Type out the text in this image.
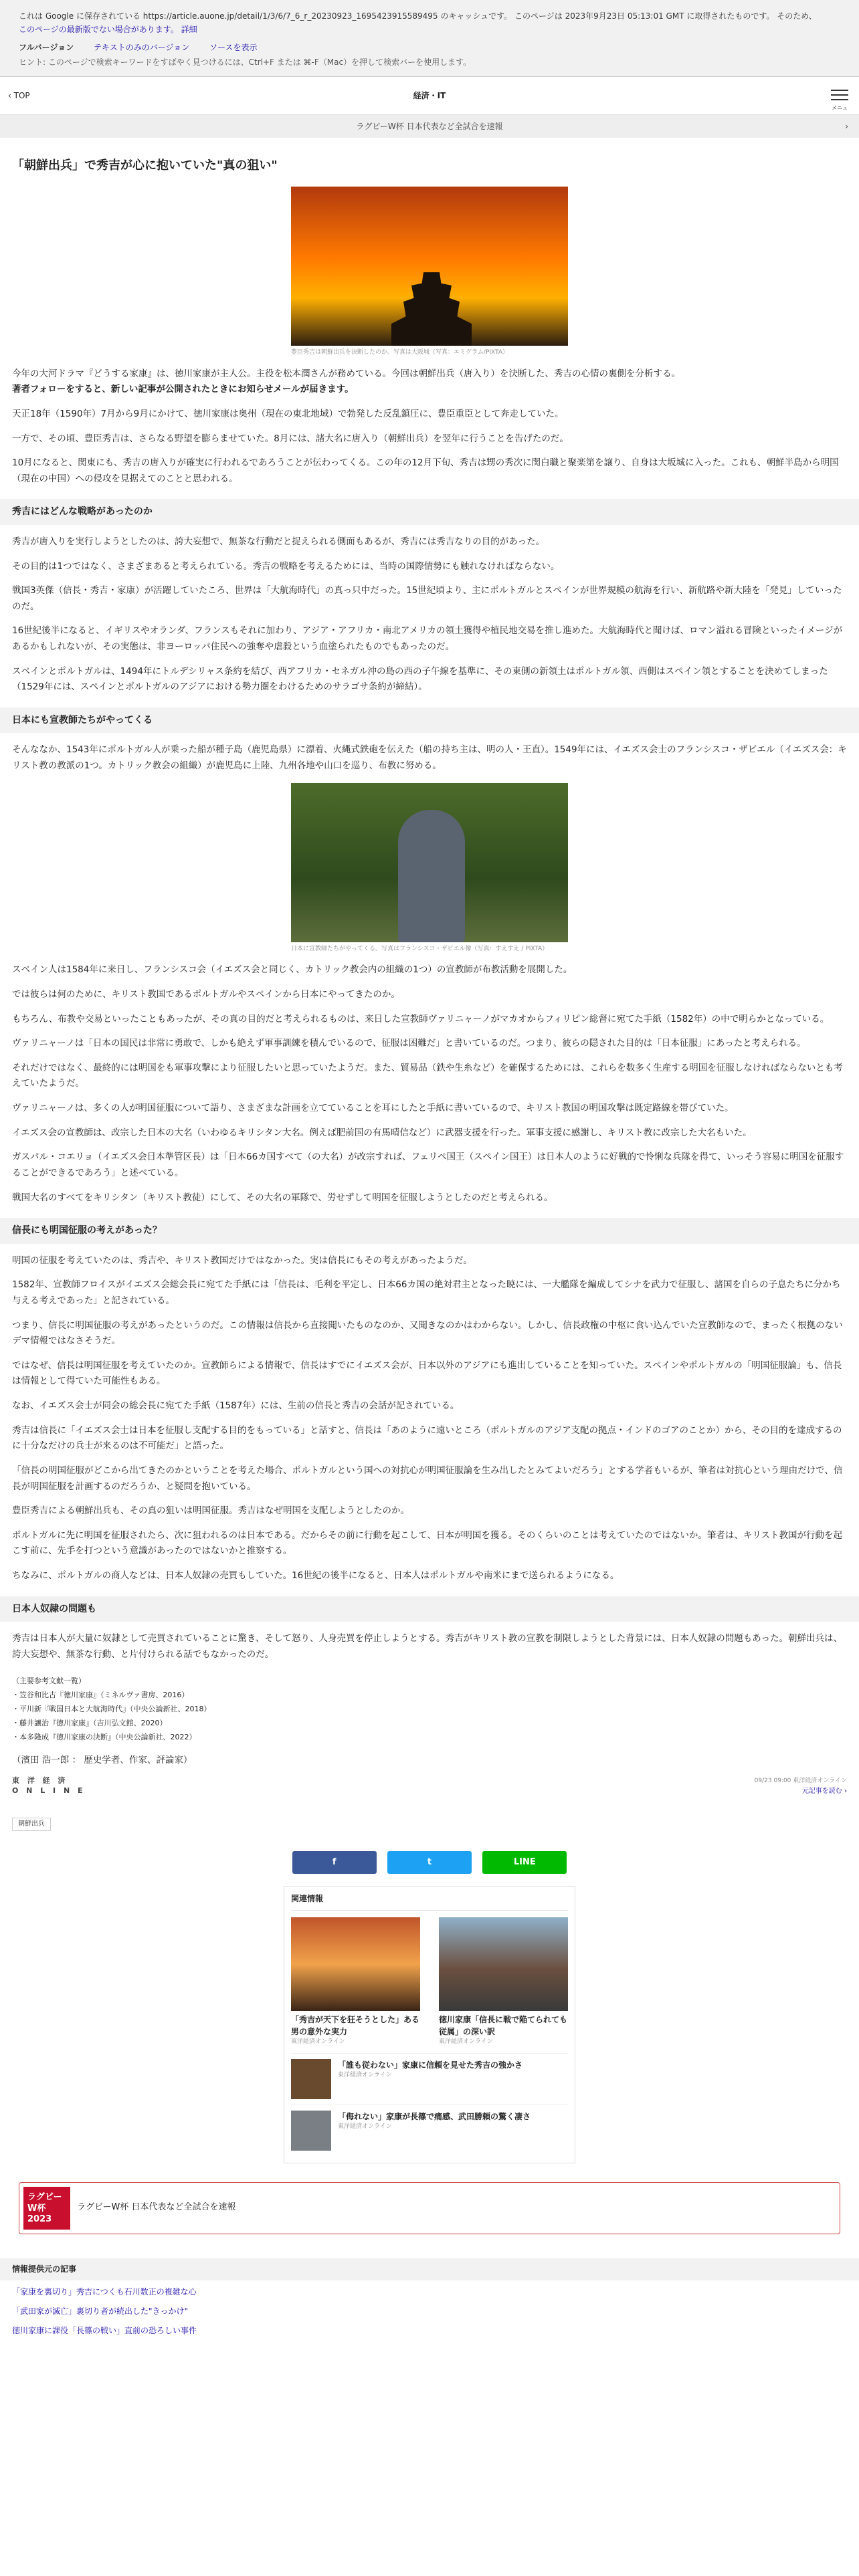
これは Google に保存されている https://article.auone.jp/detail/1/3/6/7_6_r_20230923_1695423915589495 のキャッシュです。 このページは 2023年9月23日 05:13:01 GMT に取得されたものです。 そのため、
このページの最新版でない場合があります。 詳細
フルバージョン テキストのみのバージョン ソースを表示
ヒント: このページで検索キーワードをすばやく見つけるには、Ctrl+F または ⌘-F（Mac）を押して検索バーを使用します。
‹ TOP	経済・IT
メニュ
ラグビーW杯 日本代表など全試合を速報	›
「朝鮮出兵」で秀吉が心に抱いていた"真の狙い"
豊臣秀吉は朝鮮出兵を決断したのか。写真は大阪城（写真：エミグラム/PIXTA）

今年の大河ドラマ『どうする家康』は、徳川家康が主人公。主役を松本潤さんが務めている。今回は朝鮮出兵（唐入り）を決断した、秀吉の心情の裏側を分析する。
著者フォローをすると、新しい記事が公開されたときにお知らせメールが届きます。

天正18年（1590年）7月から9月にかけて、徳川家康は奥州（現在の東北地域）で勃発した反乱鎮圧に、豊臣重臣として奔走していた。

一方で、その頃、豊臣秀吉は、さらなる野望を膨らませていた。8月には、諸大名に唐入り（朝鮮出兵）を翌年に行うことを告げたのだ。

10月になると、関東にも、秀吉の唐入りが確実に行われるであろうことが伝わってくる。この年の12月下旬、秀吉は甥の秀次に関白職と聚楽第を譲り、自身は大坂城に入った。これも、朝鮮半島から明国（現在の中国）への侵攻を見据えてのことと思われる。

秀吉にはどんな戦略があったのか

秀吉が唐入りを実行しようとしたのは、誇大妄想で、無茶な行動だと捉えられる側面もあるが、秀吉には秀吉なりの目的があった。

その目的は1つではなく、さまざまあると考えられている。秀吉の戦略を考えるためには、当時の国際情勢にも触れなければならない。

戦国3英傑（信長・秀吉・家康）が活躍していたころ、世界は「大航海時代」の真っ只中だった。15世紀頃より、主にポルトガルとスペインが世界規模の航海を行い、新航路や新大陸を「発見」していったのだ。

16世紀後半になると、イギリスやオランダ、フランスもそれに加わり、アジア・アフリカ・南北アメリカの領土獲得や植民地交易を推し進めた。大航海時代と聞けば、ロマン溢れる冒険といったイメージがあるかもしれないが、その実態は、非ヨーロッパ住民への強奪や虐殺という血塗られたものでもあったのだ。

スペインとポルトガルは、1494年にトルデシリャス条約を結び、西アフリカ・セネガル沖の島の西の子午線を基準に、その東側の新領土はポルトガル領、西側はスペイン領とすることを決めてしまった（1529年には、スペインとポルトガルのアジアにおける勢力圏をわけるためのサラゴサ条約が締結）。

日本にも宣教師たちがやってくる

そんななか、1543年にポルトガル人が乗った船が種子島（鹿児島県）に漂着、火縄式鉄砲を伝えた（船の持ち主は、明の人・王直）。1549年には、イエズス会士のフランシスコ・ザビエル（イエズス会：キリスト教の教派の1つ。カトリック教会の組織）が鹿児島に上陸、九州各地や山口を巡り、布教に努める。

日本に宣教師たちがやってくる。写真はフランシスコ・ザビエル像（写真：すえすえ / PIXTA）

スペイン人は1584年に来日し、フランシスコ会（イエズス会と同じく、カトリック教会内の組織の1つ）の宣教師が布教活動を展開した。

では彼らは何のために、キリスト教国であるポルトガルやスペインから日本にやってきたのか。

もちろん、布教や交易といったこともあったが、その真の目的だと考えられるものは、来日した宣教師ヴァリニャーノがマカオからフィリピン総督に宛てた手紙（1582年）の中で明らかとなっている。

ヴァリニャーノは「日本の国民は非常に勇敢で、しかも絶えず軍事訓練を積んでいるので、征服は困難だ」と書いているのだ。つまり、彼らの隠された目的は「日本征服」にあったと考えられる。

それだけではなく、最終的には明国をも軍事攻撃により征服したいと思っていたようだ。また、貿易品（鉄や生糸など）を確保するためには、これらを数多く生産する明国を征服しなければならないとも考えていたようだ。

ヴァリニャーノは、多くの人が明国征服について語り、さまざまな計画を立てていることを耳にしたと手紙に書いているので、キリスト教国の明国攻撃は既定路線を帯びていた。

イエズス会の宣教師は、改宗した日本の大名（いわゆるキリシタン大名。例えば肥前国の有馬晴信など）に武器支援を行った。軍事支援に感謝し、キリスト教に改宗した大名もいた。

ガスパル・コエリョ（イエズス会日本準管区長）は「日本66カ国すべて（の大名）が改宗すれば、フェリペ国王（スペイン国王）は日本人のように好戦的で怜悧な兵隊を得て、いっそう容易に明国を征服することができるであろう」と述べている。

戦国大名のすべてをキリシタン（キリスト教徒）にして、その大名の軍隊で、労せずして明国を征服しようとしたのだと考えられる。

信長にも明国征服の考えがあった？

明国の征服を考えていたのは、秀吉や、キリスト教国だけではなかった。実は信長にもその考えがあったようだ。

1582年、宣教師フロイスがイエズス会総会長に宛てた手紙には「信長は、毛利を平定し、日本66カ国の絶対君主となった暁には、一大艦隊を編成してシナを武力で征服し、諸国を自らの子息たちに分かち与える考えであった」と記されている。

つまり、信長に明国征服の考えがあったというのだ。この情報は信長から直接聞いたものなのか、又聞きなのかはわからない。しかし、信長政権の中枢に食い込んでいた宣教師なので、まったく根拠のないデマ情報ではなさそうだ。

ではなぜ、信長は明国征服を考えていたのか。宣教師らによる情報で、信長はすでにイエズス会が、日本以外のアジアにも進出していることを知っていた。スペインやポルトガルの「明国征服論」も、信長は情報として得ていた可能性もある。

なお、イエズス会士が同会の総会長に宛てた手紙（1587年）には、生前の信長と秀吉の会話が記されている。

秀吉は信長に「イエズス会士は日本を征服し支配する目的をもっている」と話すと、信長は「あのように遠いところ（ポルトガルのアジア支配の拠点・インドのゴアのことか）から、その目的を達成するのに十分なだけの兵士が来るのは不可能だ」と語った。

「信長の明国征服がどこから出てきたのかということを考えた場合、ポルトガルという国への対抗心が明国征服論を生み出したとみてよいだろう」とする学者もいるが、筆者は対抗心という理由だけで、信長が明国征服を計画するのだろうか、と疑問を抱いている。

豊臣秀吉による朝鮮出兵も、その真の狙いは明国征服。秀吉はなぜ明国を支配しようとしたのか。

ポルトガルに先に明国を征服されたら、次に狙われるのは日本である。だからその前に行動を起こして、日本が明国を獲る。そのくらいのことは考えていたのではないか。筆者は、キリスト教国が行動を起こす前に、先手を打つという意識があったのではないかと推察する。

ちなみに、ポルトガルの商人などは、日本人奴隷の売買もしていた。16世紀の後半になると、日本人はポルトガルや南米にまで送られるようになる。

日本人奴隷の問題も

秀吉は日本人が大量に奴隷として売買されていることに驚き、そして怒り、人身売買を停止しようとする。秀吉がキリスト教の宣教を制限しようとした背景には、日本人奴隷の問題もあった。朝鮮出兵は、誇大妄想や、無茶な行動、と片付けられる話でもなかったのだ。

（主要参考文献一覧）
・笠谷和比古『徳川家康』（ミネルヴァ書房、2016）
・平川新『戦国日本と大航海時代』（中央公論新社、2018）
・藤井讓治『徳川家康』（吉川弘文館、2020）
・本多隆成『徳川家康の決断』（中央公論新社、2022）
（濱田 浩一郎 ： 歴史学者、作家、評論家）
東 洋 経 済
O N L I N E
09/23 09:00 東洋経済オンライン
元記事を読む ›
朝鮮出兵
f	t	LINE
関連情報
「秀吉が天下を狂そうとした」ある男の意外な実力
東洋経済オンライン
徳川家康「信長に戦で陥てられても従属」の深い訳
東洋経済オンライン
「誰も従わない」家康に信頼を見せた秀吉の強かさ
東洋経済オンライン
「侮れない」家康が長篠で痛感、武田勝頼の驚く凄さ
東洋経済オンライン
ラグビーW杯2023
ラグビーW杯 日本代表など全試合を速報
情報提供元の記事
「家康を裏切り」秀吉につくも石川数正の複雑な心
「武田家が滅亡」裏切り者が続出した"きっかけ"
徳川家康に課役「長篠の戦い」直前の恐ろしい事件
